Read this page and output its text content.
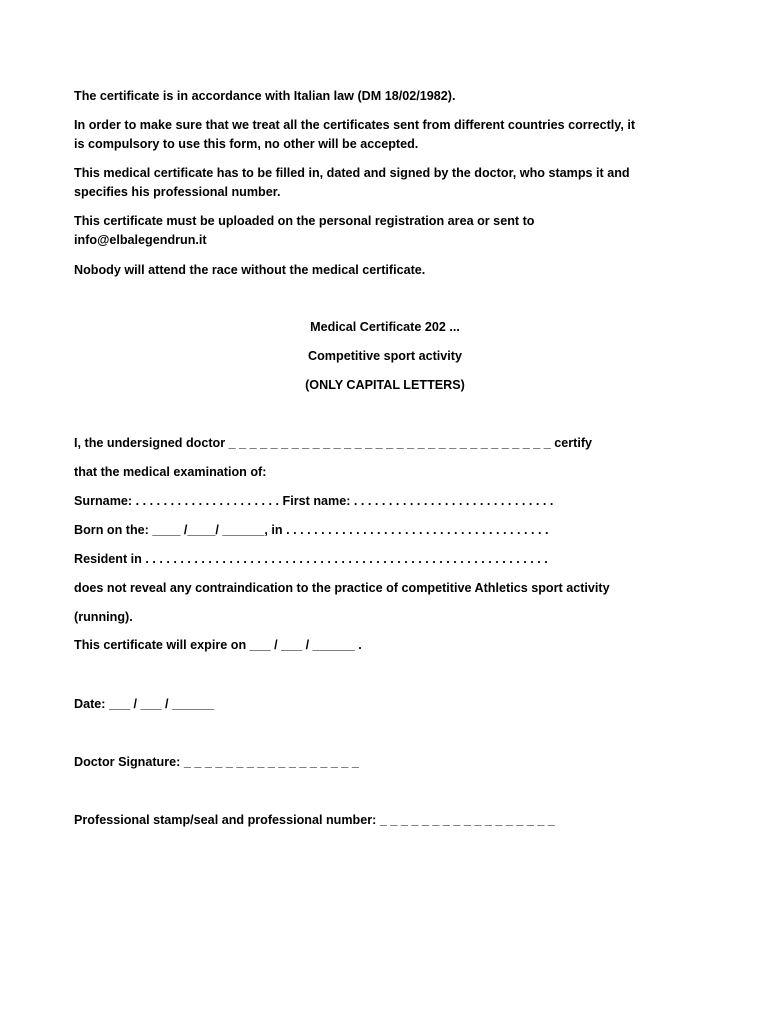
The certificate is in accordance with Italian law (DM 18/02/1982).
In order to make sure that we treat all the certificates sent from different countries correctly, it
is compulsory to use this form, no other will be accepted.
This medical certificate has to be filled in, dated and signed by the doctor, who stamps it and
specifies his professional number.
This certificate must be uploaded on the personal registration area or sent to
info@elbalegendrun.it
Nobody will attend the race without the medical certificate.
Medical Certificate 202 ...
Competitive sport activity
(ONLY CAPITAL LETTERS)
I, the undersigned doctor _ _ _ _ _ _ _ _ _ _ _ _ _ _ _ _ _ _ _ _ _ _ _ _ _ _ _ _ _ _ _ certify
that the medical examination of:
Surname: . . . . . . . . . . . . . . . . . . . . . First name: . . . . . . . . . . . . . . . . . . . . . . . . . . . . .
Born on the: ____ /____/ ______, in . . . . . . . . . . . . . . . . . . . . . . . . . . . . . . . . . . . . . .
Resident in . . . . . . . . . . . . . . . . . . . . . . . . . . . . . . . . . . . . . . . . . . . . . . . . . . . . . . . . . .
does not reveal any contraindication to the practice of competitive Athletics sport activity
(running).
This certificate will expire on ___ / ___ / ______ .
Date: ___ / ___ / ______
Doctor Signature: _ _ _ _ _ _ _ _ _ _ _ _ _ _ _ _ _
Professional stamp/seal and professional number: _ _ _ _ _ _ _ _ _ _ _ _ _ _ _ _ _
